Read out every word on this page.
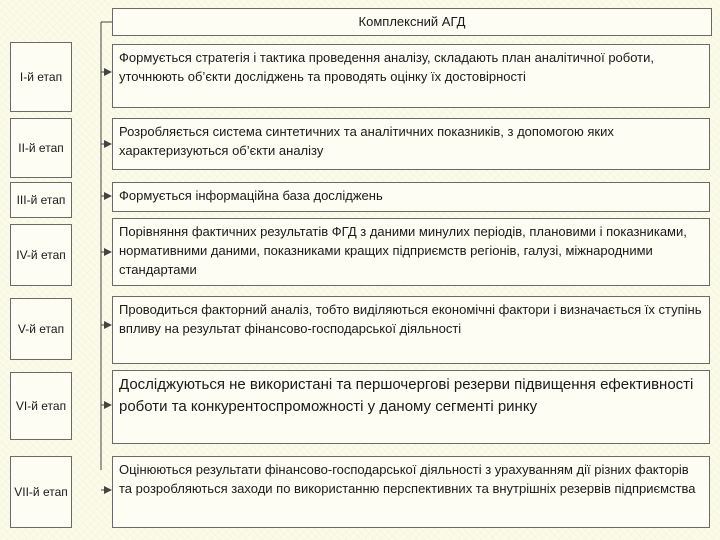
Комплексний АГД
I-й етап
Формується стратегія і тактика проведення аналізу, складають план аналітичної роботи, уточнюють об’єкти досліджень та проводять оцінку їх достовірності
II-й етап
Розробляється система синтетичних та аналітичних показників, з допомогою яких характеризуються об’єкти аналізу
III-й етап	Формується інформаційна база досліджень
IV-й етап
Порівняння фактичних результатів ФГД з даними минулих періодів, плановими і показниками, нормативними даними, показниками кращих підприємств регіонів, галузі, міжнародними стандартами
V-й етап
Проводиться факторний аналіз, тобто виділяються економічні фактори і визначається їх ступінь впливу на результат фінансово-господарської діяльності
VI-й етап
Досліджуються не використані та першочергові резерви підвищення ефективності роботи та конкурентоспроможності у даному сегменті ринку
VII-й етап
Оцінюються результати фінансово-господарської діяльності з урахуванням дії різних факторів та розробляються заходи по використанню перспективних та внутрішніх резервів підприємства
